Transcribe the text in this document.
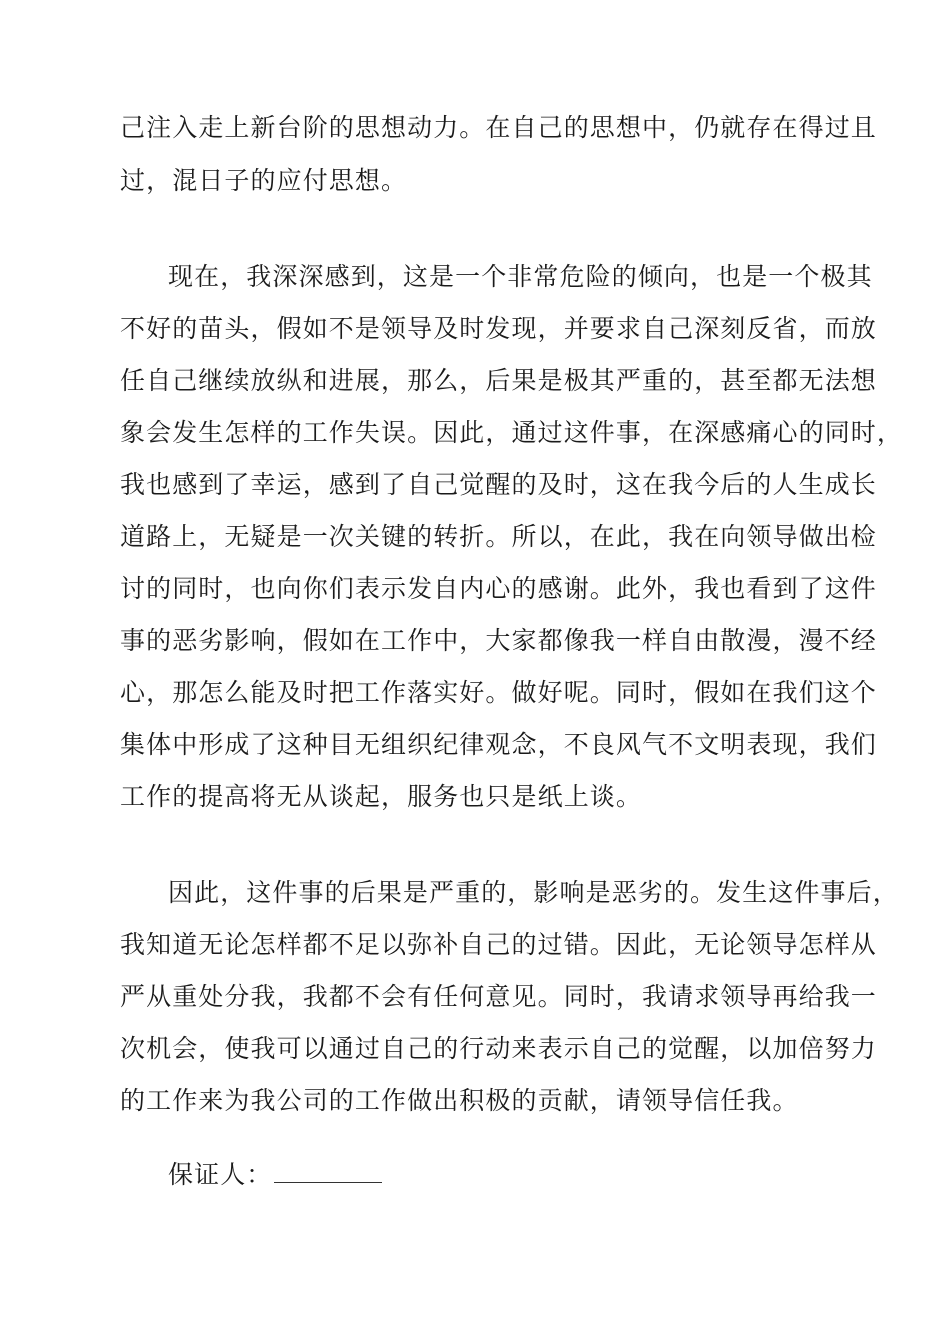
己注入走上新台阶的思想动力。在自己的思想中，仍就存在得过且
过，混日子的应付思想。
现在，我深深感到，这是一个非常危险的倾向，也是一个极其
不好的苗头，假如不是领导及时发现，并要求自己深刻反省，而放
任自己继续放纵和进展，那么，后果是极其严重的，甚至都无法想
象会发生怎样的工作失误。因此，通过这件事，在深感痛心的同时，
我也感到了幸运，感到了自己觉醒的及时，这在我今后的人生成长
道路上，无疑是一次关键的转折。所以，在此，我在向领导做出检
讨的同时，也向你们表示发自内心的感谢。此外，我也看到了这件
事的恶劣影响，假如在工作中，大家都像我一样自由散漫，漫不经
心，那怎么能及时把工作落实好。做好呢。同时，假如在我们这个
集体中形成了这种目无组织纪律观念，不良风气不文明表现，我们
工作的提高将无从谈起，服务也只是纸上谈。
因此，这件事的后果是严重的，影响是恶劣的。发生这件事后，
我知道无论怎样都不足以弥补自己的过错。因此，无论领导怎样从
严从重处分我，我都不会有任何意见。同时，我请求领导再给我一
次机会，使我可以通过自己的行动来表示自己的觉醒，以加倍努力
的工作来为我公司的工作做出积极的贡献，请领导信任我。
保证人：
